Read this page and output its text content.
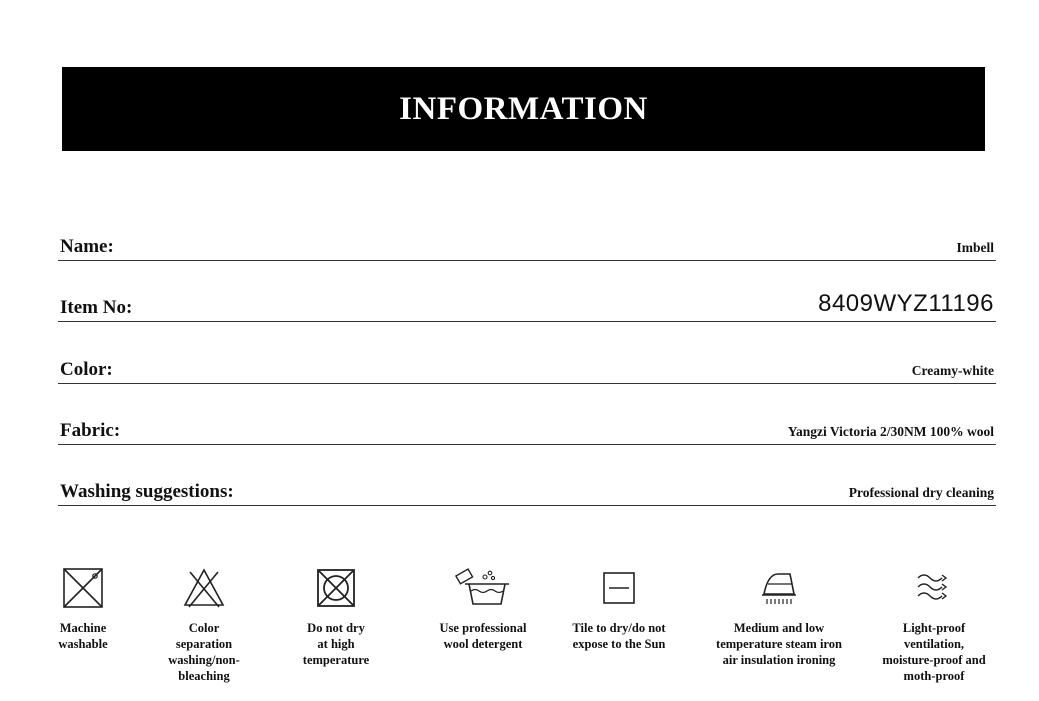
INFORMATION
Name:	Imbell
Item No:	8409WYZ11196
Color:	Creamy-white
Fabric:	Yangzi Victoria 2/30NM 100% wool
Washing suggestions:	Professional dry cleaning
Machine
washable
Color
separation
washing/non-
bleaching
Do not dry
at high
temperature
Use professional
wool detergent
Tile to dry/do not
expose to the Sun
Medium and low
temperature steam iron
air insulation ironing
Light-proof
ventilation,
moisture-proof and
moth-proof
